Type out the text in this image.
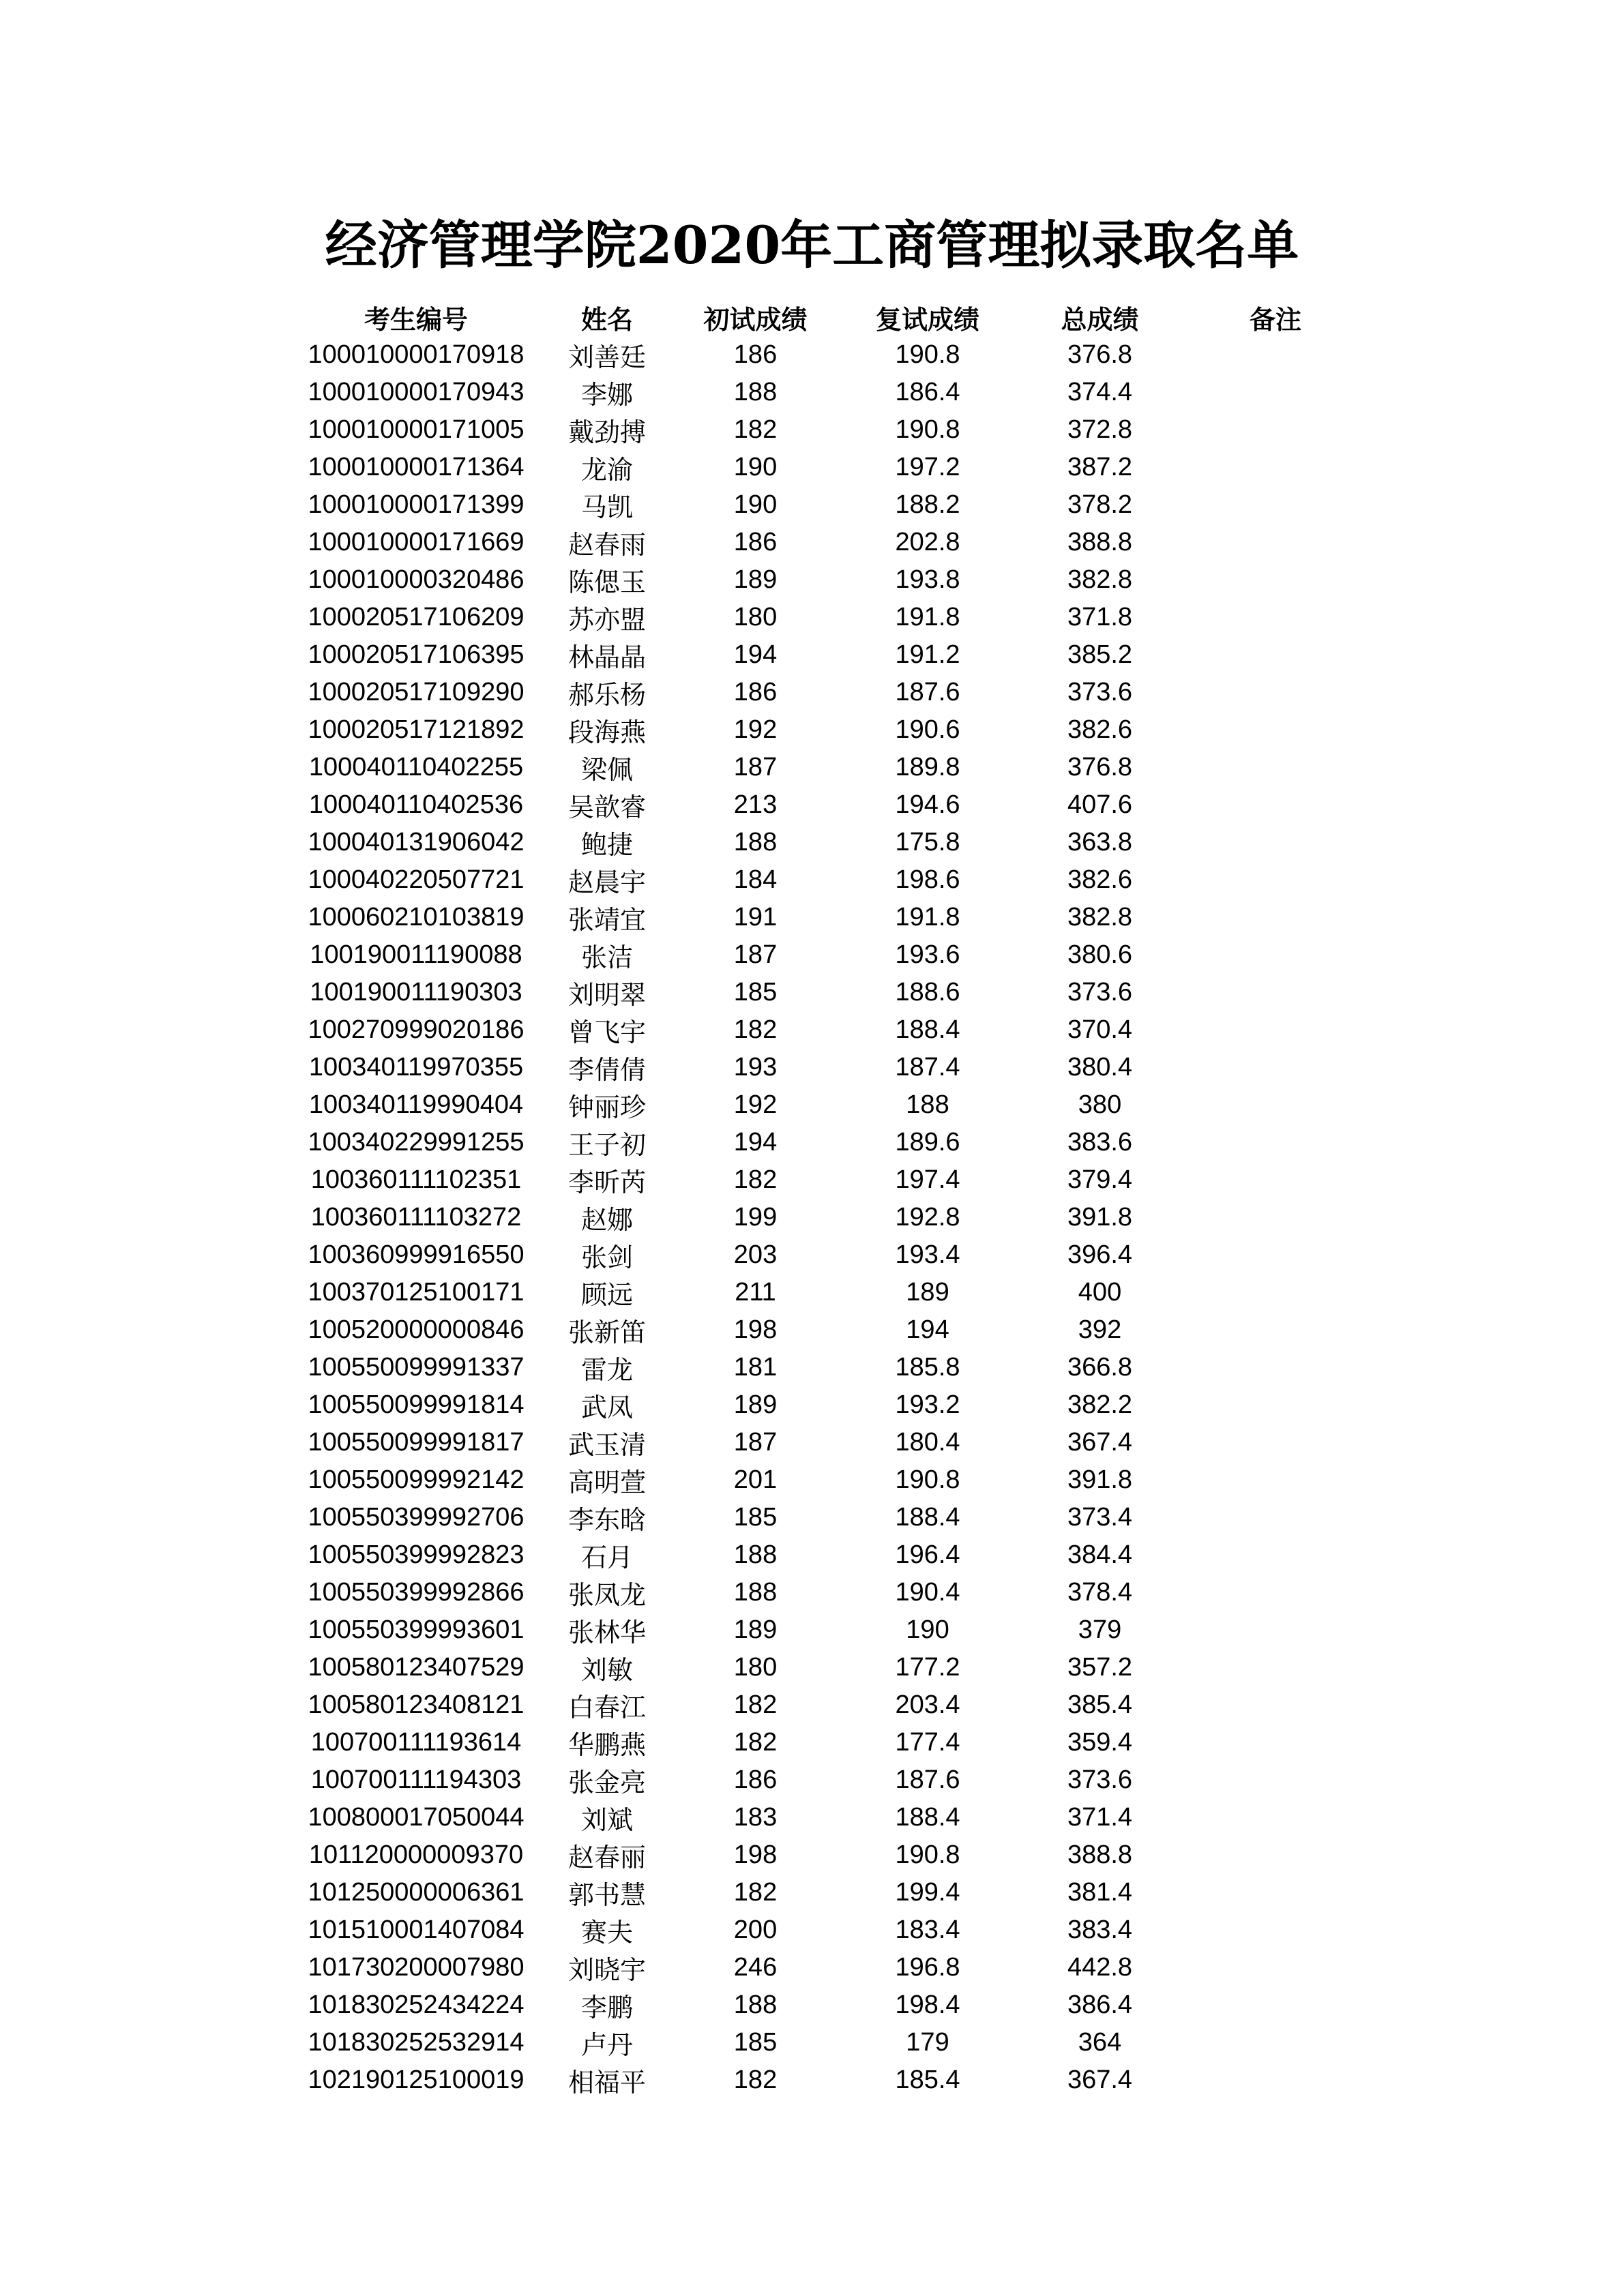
经济管理学院2020年工商管理拟录取名单
考生编号	姓名	初试成绩	复试成绩	总成绩	备注
100010000170918	刘善廷	186	190.8	376.8	
100010000170943	李娜	188	186.4	374.4	
100010000171005	戴劲搏	182	190.8	372.8	
100010000171364	龙渝	190	197.2	387.2	
100010000171399	马凯	190	188.2	378.2	
100010000171669	赵春雨	186	202.8	388.8	
100010000320486	陈偲玉	189	193.8	382.8	
100020517106209	苏亦盟	180	191.8	371.8	
100020517106395	林晶晶	194	191.2	385.2	
100020517109290	郝乐杨	186	187.6	373.6	
100020517121892	段海燕	192	190.6	382.6	
100040110402255	梁佩	187	189.8	376.8	
100040110402536	吴歆睿	213	194.6	407.6	
100040131906042	鲍捷	188	175.8	363.8	
100040220507721	赵晨宇	184	198.6	382.6	
100060210103819	张靖宜	191	191.8	382.8	
100190011190088	张洁	187	193.6	380.6	
100190011190303	刘明翠	185	188.6	373.6	
100270999020186	曾飞宇	182	188.4	370.4	
100340119970355	李倩倩	193	187.4	380.4	
100340119990404	钟丽珍	192	188	380	
100340229991255	王子初	194	189.6	383.6	
100360111102351	李昕芮	182	197.4	379.4	
100360111103272	赵娜	199	192.8	391.8	
100360999916550	张剑	203	193.4	396.4	
100370125100171	顾远	211	189	400	
100520000000846	张新笛	198	194	392	
100550099991337	雷龙	181	185.8	366.8	
100550099991814	武凤	189	193.2	382.2	
100550099991817	武玉清	187	180.4	367.4	
100550099992142	高明萱	201	190.8	391.8	
100550399992706	李东晗	185	188.4	373.4	
100550399992823	石月	188	196.4	384.4	
100550399992866	张凤龙	188	190.4	378.4	
100550399993601	张林华	189	190	379	
100580123407529	刘敏	180	177.2	357.2	
100580123408121	白春江	182	203.4	385.4	
100700111193614	华鹏燕	182	177.4	359.4	
100700111194303	张金亮	186	187.6	373.6	
100800017050044	刘斌	183	188.4	371.4	
101120000009370	赵春丽	198	190.8	388.8	
101250000006361	郭书慧	182	199.4	381.4	
101510001407084	赛夫	200	183.4	383.4	
101730200007980	刘晓宇	246	196.8	442.8	
101830252434224	李鹏	188	198.4	386.4	
101830252532914	卢丹	185	179	364	
102190125100019	相福平	182	185.4	367.4	
